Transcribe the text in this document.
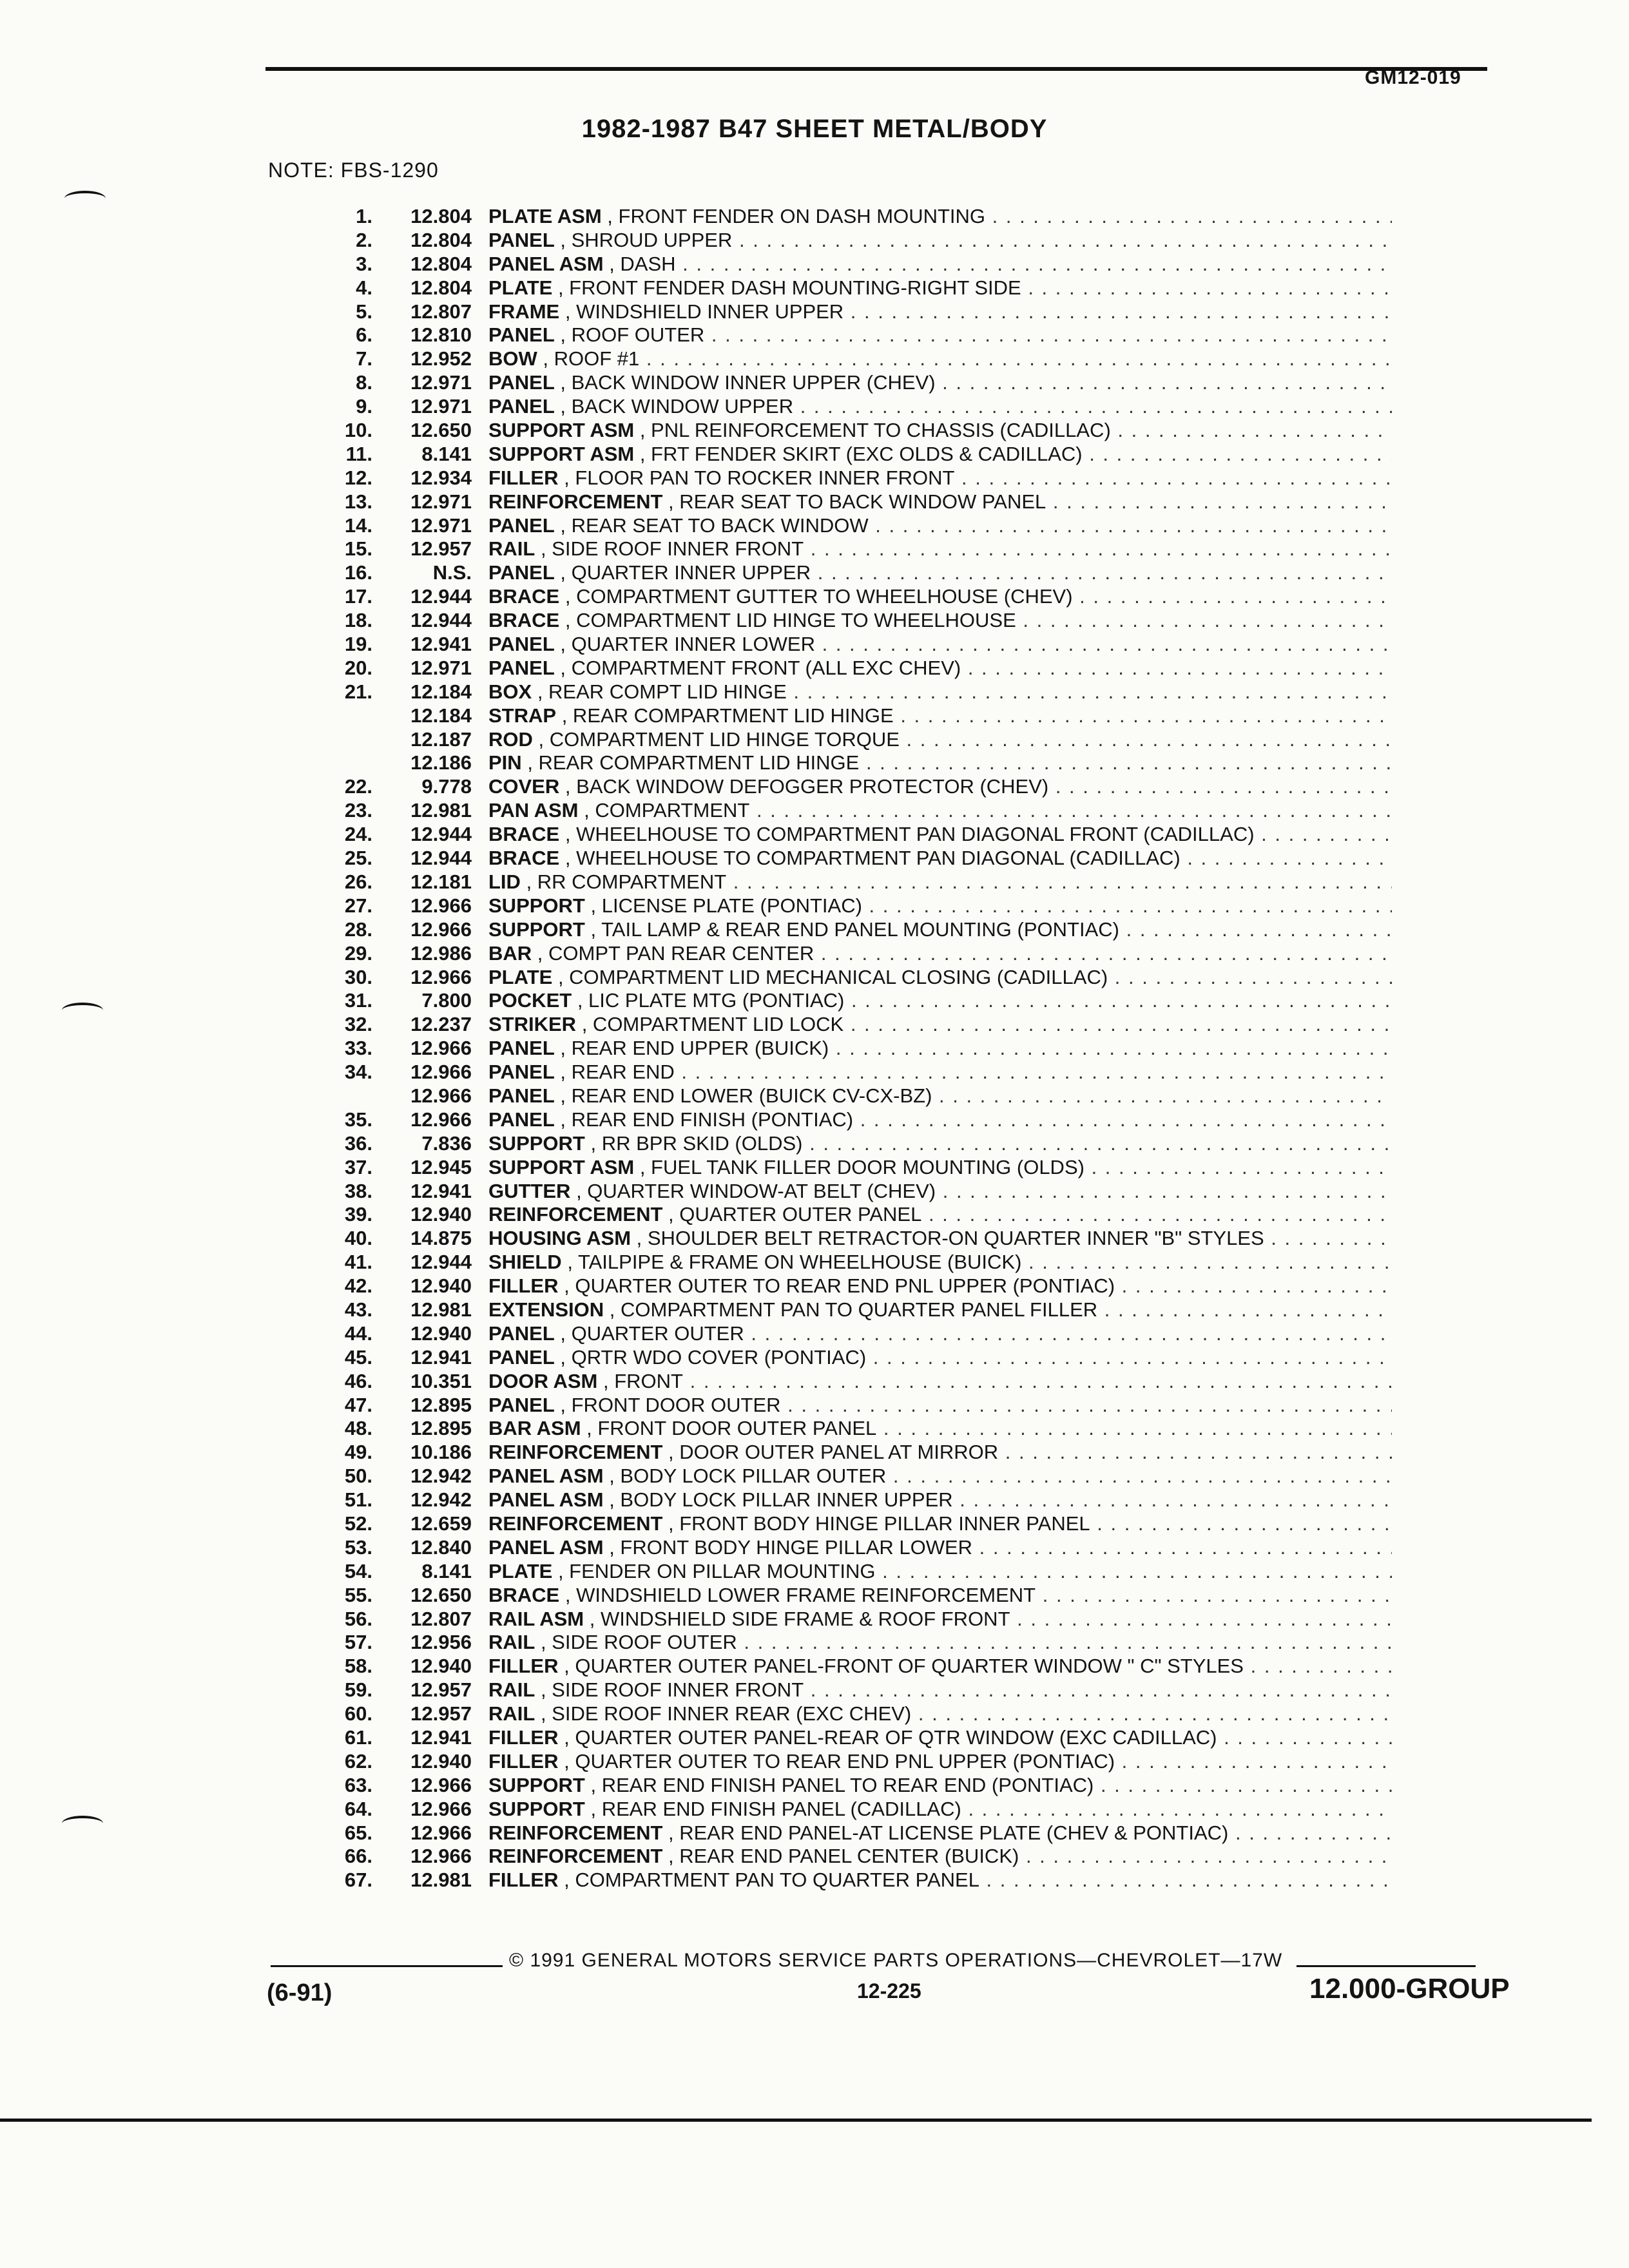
GM12-019
1982-1987 B47 SHEET METAL/BODY
NOTE: FBS-1290
1.	12.804 PLATE ASM , FRONT FENDER ON DASH MOUNTING . . .
2.	12.804 PANEL , SHROUD UPPER . . .
3.	12.804 PANEL ASM , DASH . . .
4.	12.804 PLATE , FRONT FENDER DASH MOUNTING-RIGHT SIDE . . .
5.	12.807 FRAME , WINDSHIELD INNER UPPER . . .
6.	12.810 PANEL , ROOF OUTER . . .
7.	12.952 BOW , ROOF #1 . . .
8.	12.971 PANEL , BACK WINDOW INNER UPPER (CHEV) . . .
9.	12.971 PANEL , BACK WINDOW UPPER . . .
10.	12.650 SUPPORT ASM , PNL REINFORCEMENT TO CHASSIS (CADILLAC) . . .
11.	8.141 SUPPORT ASM , FRT FENDER SKIRT (EXC OLDS & CADILLAC) . . .
12.	12.934 FILLER , FLOOR PAN TO ROCKER INNER FRONT . . .
13.	12.971 REINFORCEMENT , REAR SEAT TO BACK WINDOW PANEL . . .
14.	12.971 PANEL , REAR SEAT TO BACK WINDOW . . .
15.	12.957 RAIL , SIDE ROOF INNER FRONT . . .
16.	N.S. PANEL , QUARTER INNER UPPER . . .
17.	12.944 BRACE , COMPARTMENT GUTTER TO WHEELHOUSE (CHEV) . . .
18.	12.944 BRACE , COMPARTMENT LID HINGE TO WHEELHOUSE . . .
19.	12.941 PANEL , QUARTER INNER LOWER . . .
20.	12.971 PANEL , COMPARTMENT FRONT (ALL EXC CHEV) . . .
21.	12.184 BOX , REAR COMPT LID HINGE . . .
12.184 STRAP , REAR COMPARTMENT LID HINGE . . .
12.187 ROD , COMPARTMENT LID HINGE TORQUE . . .
12.186 PIN , REAR COMPARTMENT LID HINGE . . .
22.	9.778 COVER , BACK WINDOW DEFOGGER PROTECTOR (CHEV) . . .
23.	12.981 PAN ASM , COMPARTMENT . . .
24.	12.944 BRACE , WHEELHOUSE TO COMPARTMENT PAN DIAGONAL FRONT (CADILLAC) . . .
25.	12.944 BRACE , WHEELHOUSE TO COMPARTMENT PAN DIAGONAL (CADILLAC) . . .
26.	12.181 LID , RR COMPARTMENT . . .
27.	12.966 SUPPORT , LICENSE PLATE (PONTIAC) . . .
28.	12.966 SUPPORT , TAIL LAMP & REAR END PANEL MOUNTING (PONTIAC) . . .
29.	12.986 BAR , COMPT PAN REAR CENTER . . .
30.	12.966 PLATE , COMPARTMENT LID MECHANICAL CLOSING (CADILLAC) . . .
31.	7.800 POCKET , LIC PLATE MTG (PONTIAC) . . .
32.	12.237 STRIKER , COMPARTMENT LID LOCK . . .
33.	12.966 PANEL , REAR END UPPER (BUICK) . . .
34.	12.966 PANEL , REAR END . . .
12.966 PANEL , REAR END LOWER (BUICK CV-CX-BZ) . . .
35.	12.966 PANEL , REAR END FINISH (PONTIAC) . . .
36.	7.836 SUPPORT , RR BPR SKID (OLDS) . . .
37.	12.945 SUPPORT ASM , FUEL TANK FILLER DOOR MOUNTING (OLDS) . . .
38.	12.941 GUTTER , QUARTER WINDOW-AT BELT (CHEV) . . .
39.	12.940 REINFORCEMENT , QUARTER OUTER PANEL . . .
40.	14.875 HOUSING ASM , SHOULDER BELT RETRACTOR-ON QUARTER INNER "B" STYLES . . .
41.	12.944 SHIELD , TAILPIPE & FRAME ON WHEELHOUSE (BUICK) . . .
42.	12.940 FILLER , QUARTER OUTER TO REAR END PNL UPPER (PONTIAC) . . .
43.	12.981 EXTENSION , COMPARTMENT PAN TO QUARTER PANEL FILLER . . .
44.	12.940 PANEL , QUARTER OUTER . . .
45.	12.941 PANEL , QRTR WDO COVER (PONTIAC) . . .
46.	10.351 DOOR ASM , FRONT . . .
47.	12.895 PANEL , FRONT DOOR OUTER . . .
48.	12.895 BAR ASM , FRONT DOOR OUTER PANEL . . .
49.	10.186 REINFORCEMENT , DOOR OUTER PANEL AT MIRROR . . .
50.	12.942 PANEL ASM , BODY LOCK PILLAR OUTER . . .
51.	12.942 PANEL ASM , BODY LOCK PILLAR INNER UPPER . . .
52.	12.659 REINFORCEMENT , FRONT BODY HINGE PILLAR INNER PANEL . . .
53.	12.840 PANEL ASM , FRONT BODY HINGE PILLAR LOWER . . .
54.	8.141 PLATE , FENDER ON PILLAR MOUNTING . . .
55.	12.650 BRACE , WINDSHIELD LOWER FRAME REINFORCEMENT . . .
56.	12.807 RAIL ASM , WINDSHIELD SIDE FRAME & ROOF FRONT . . .
57.	12.956 RAIL , SIDE ROOF OUTER . . .
58.	12.940 FILLER , QUARTER OUTER PANEL-FRONT OF QUARTER WINDOW " C" STYLES . . .
59.	12.957 RAIL , SIDE ROOF INNER FRONT . . .
60.	12.957 RAIL , SIDE ROOF INNER REAR (EXC CHEV) . . .
61.	12.941 FILLER , QUARTER OUTER PANEL-REAR OF QTR WINDOW (EXC CADILLAC) . . .
62.	12.940 FILLER , QUARTER OUTER TO REAR END PNL UPPER (PONTIAC) . . .
63.	12.966 SUPPORT , REAR END FINISH PANEL TO REAR END (PONTIAC) . . .
64.	12.966 SUPPORT , REAR END FINISH PANEL (CADILLAC) . . .
65.	12.966 REINFORCEMENT , REAR END PANEL-AT LICENSE PLATE (CHEV & PONTIAC) . . .
66.	12.966 REINFORCEMENT , REAR END PANEL CENTER (BUICK) . . .
67.	12.981 FILLER , COMPARTMENT PAN TO QUARTER PANEL . . .
© 1991 GENERAL MOTORS SERVICE PARTS OPERATIONS—CHEVROLET—17W
(6-91)	12-225	12.000-GROUP
